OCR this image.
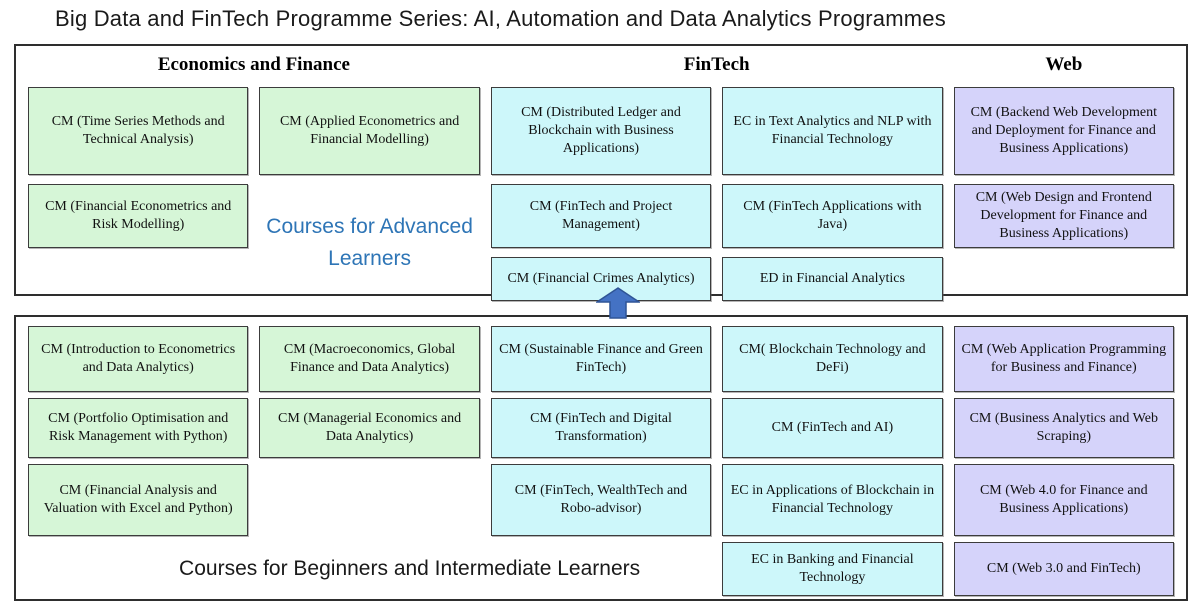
Big Data and FinTech Programme Series: AI, Automation and Data Analytics Programmes
Economics and Finance	FinTech	Web
CM (Time Series Methods and Technical Analysis)
CM (Applied Econometrics and Financial Modelling)
CM (Distributed Ledger and Blockchain with Business Applications)
EC in Text Analytics and NLP with Financial Technology
CM (Backend Web Development and Deployment for Finance and Business Applications)
CM (Financial Econometrics and Risk Modelling)	Courses for Advanced Learners
CM (FinTech and Project Management)
CM (FinTech Applications with Java)
CM (Web Design and Frontend Development for Finance and Business Applications)
CM (Financial Crimes Analytics)	ED in Financial Analytics
CM (Introduction to Econometrics and Data Analytics)
CM (Macroeconomics, Global Finance and Data Analytics)
CM (Sustainable Finance and Green FinTech)
CM( Blockchain Technology and DeFi)
CM (Web Application Programming for Business and Finance)
CM (Portfolio Optimisation and Risk Management with Python)
CM (Managerial Economics and Data Analytics)
CM (FinTech and Digital Transformation)
CM (FinTech and AI)
CM (Business Analytics and Web Scraping)
CM (Financial Analysis and Valuation with Excel and Python)
CM (FinTech, WealthTech and Robo-advisor)
EC in Applications of Blockchain in Financial Technology
CM (Web 4.0 for Finance and Business Applications)
Courses for Beginners and Intermediate Learners	EC in Banking and Financial Technology
CM (Web 3.0 and FinTech)
